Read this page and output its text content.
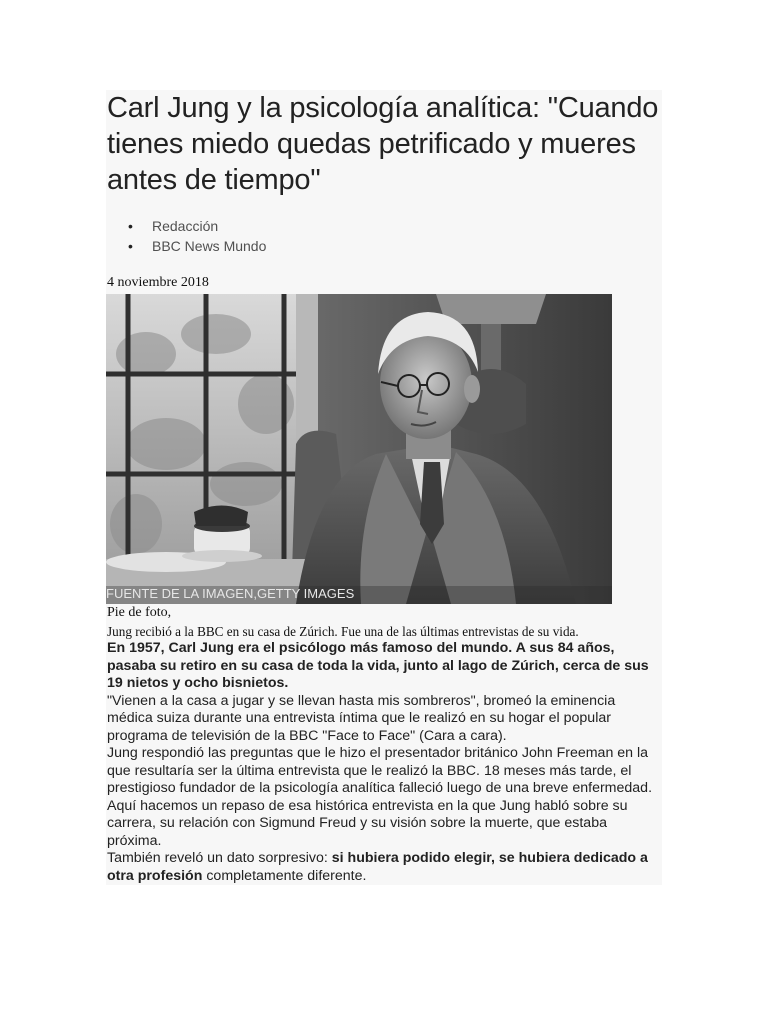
Carl Jung y la psicología analítica: "Cuando tienes miedo quedas petrificado y mueres antes de tiempo"
• Redacción
• BBC News Mundo
4 noviembre 2018
FUENTE DE LA IMAGEN,GETTY IMAGES

Pie de foto,

Jung recibió a la BBC en su casa de Zúrich. Fue una de las últimas entrevistas de su vida.

En 1957, Carl Jung era el psicólogo más famoso del mundo. A sus 84 años, pasaba su retiro en su casa de toda la vida, junto al lago de Zúrich, cerca de sus 19 nietos y ocho bisnietos.

"Vienen a la casa a jugar y se llevan hasta mis sombreros", bromeó la eminencia médica suiza durante una entrevista íntima que le realizó en su hogar el popular programa de televisión de la BBC "Face to Face" (Cara a cara).

Jung respondió las preguntas que le hizo el presentador británico John Freeman en la que resultaría ser la última entrevista que le realizó la BBC. 18 meses más tarde, el prestigioso fundador de la psicología analítica falleció luego de una breve enfermedad.

Aquí hacemos un repaso de esa histórica entrevista en la que Jung habló sobre su carrera, su relación con Sigmund Freud y su visión sobre la muerte, que estaba próxima.

También reveló un dato sorpresivo: si hubiera podido elegir, se hubiera dedicado a otra profesión completamente diferente.
